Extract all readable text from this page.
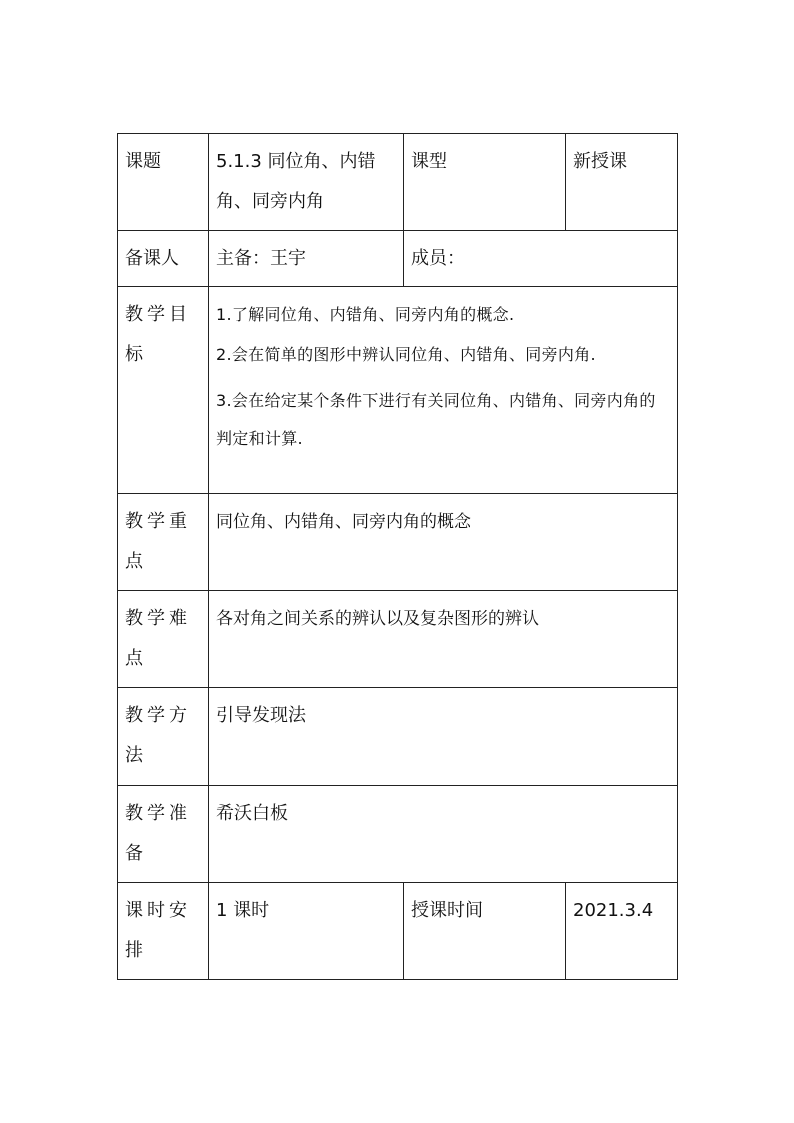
课题	5.1.3 同位角、内错角、同旁内角	课型	新授课
备课人	主备：王宇	成员：	
教学目标	1.了解同位角、内错角、同旁内角的概念.

2.会在简单的图形中辨认同位角、内错角、同旁内角.

3.会在给定某个条件下进行有关同位角、内错角、同旁内角的判定和计算.		

教学重点	同位角、内错角、同旁内角的概念		
教学难点	各对角之间关系的辨认以及复杂图形的辨认		
教学方法	引导发现法		
教学准备	希沃白板		
课时安排	1 课时	授课时间	2021.3.4
